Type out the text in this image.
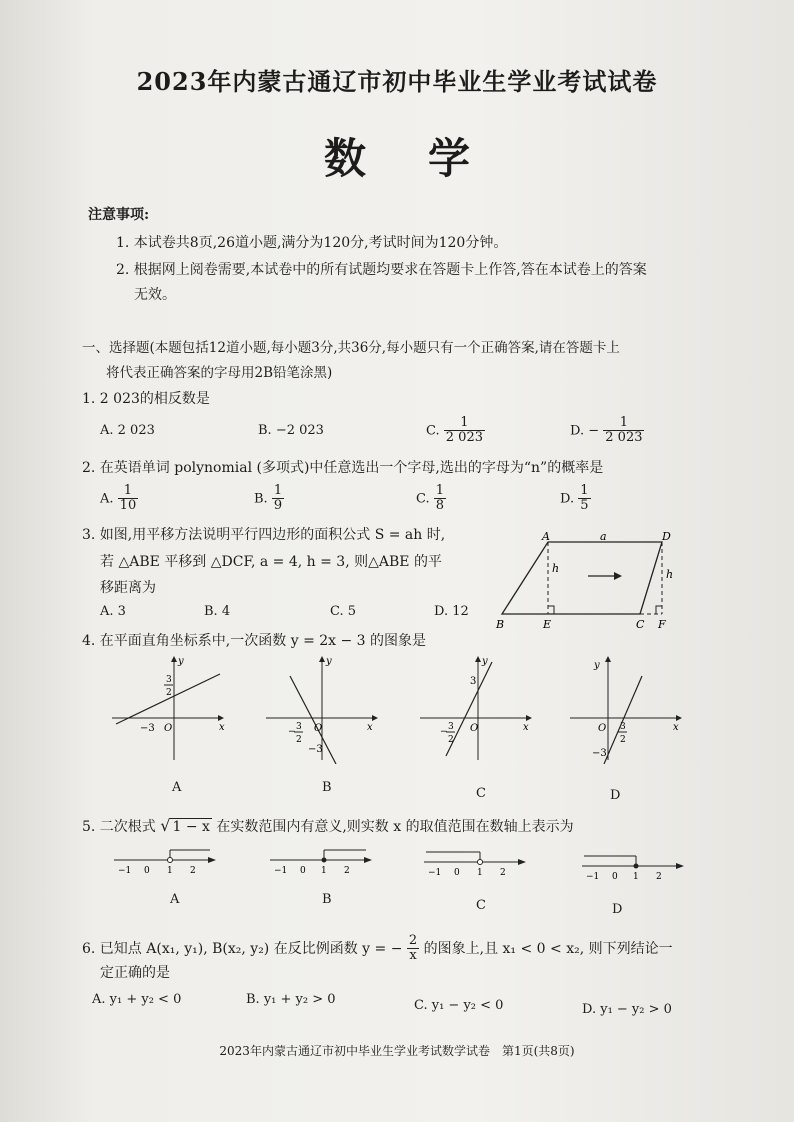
2023年内蒙古通辽市初中毕业生学业考试试卷
数学
注意事项:
1. 本试卷共8页,26道小题,满分为120分,考试时间为120分钟。
2. 根据网上阅卷需要,本试卷中的所有试题均要求在答题卡上作答,答在本试卷上的答案
无效。
一、选择题(本题包括12道小题,每小题3分,共36分,每小题只有一个正确答案,请在答题卡上
将代表正确答案的字母用2B铅笔涂黑)
1. 2 023的相反数是
A. 2 023	B. −2 023	C. $\frac{1}{2 023}$	D. − $\frac{1}{2 023}$
2. 在英语单词 polynomial (多项式)中任意选出一个字母,选出的字母为“n”的概率是
A. $\frac{1}{10}$	B. $\frac{1}{9}$	C. $\frac{1}{8}$	D. $\frac{1}{5}$
3. 如图,用平移方法说明平行四边形的面积公式 S = ah 时,
若 △ABE 平移到 △DCF, a = 4, h = 3, 则△ABE 的平
移距离为
A. 3	B. 4	C. 5	D. 12
A	a	D
h	h
B	E	C F
4. 在平面直角坐标系中,一次函数 y = 2x − 3 的图象是
y
x
O
−3
3
2
A
y
x
O
− 3
2
−3
B
y
x
O
3
− 3
2
C
y
x
O 3
2
−3
D
5. 二次根式 √ 1 − x 在实数范围内有意义,则实数 x 的取值范围在数轴上表示为
−1 0 1 2
A
−1 0 1 2
B
−1 0 1 2
C
−1 0 1 2
D
6. 已知点 A(x₁, y₁), B(x₂, y₂) 在反比例函数 y = − $\frac{2}{x}$ 的图象上,且 x₁ < 0 < x₂, 则下列结论一
定正确的是
A. y₁ + y₂ < 0	B. y₁ + y₂ > 0	C. y₁ − y₂ < 0	D. y₁ − y₂ > 0
2023年内蒙古通辽市初中毕业生学业考试数学试卷　第1页(共8页)
